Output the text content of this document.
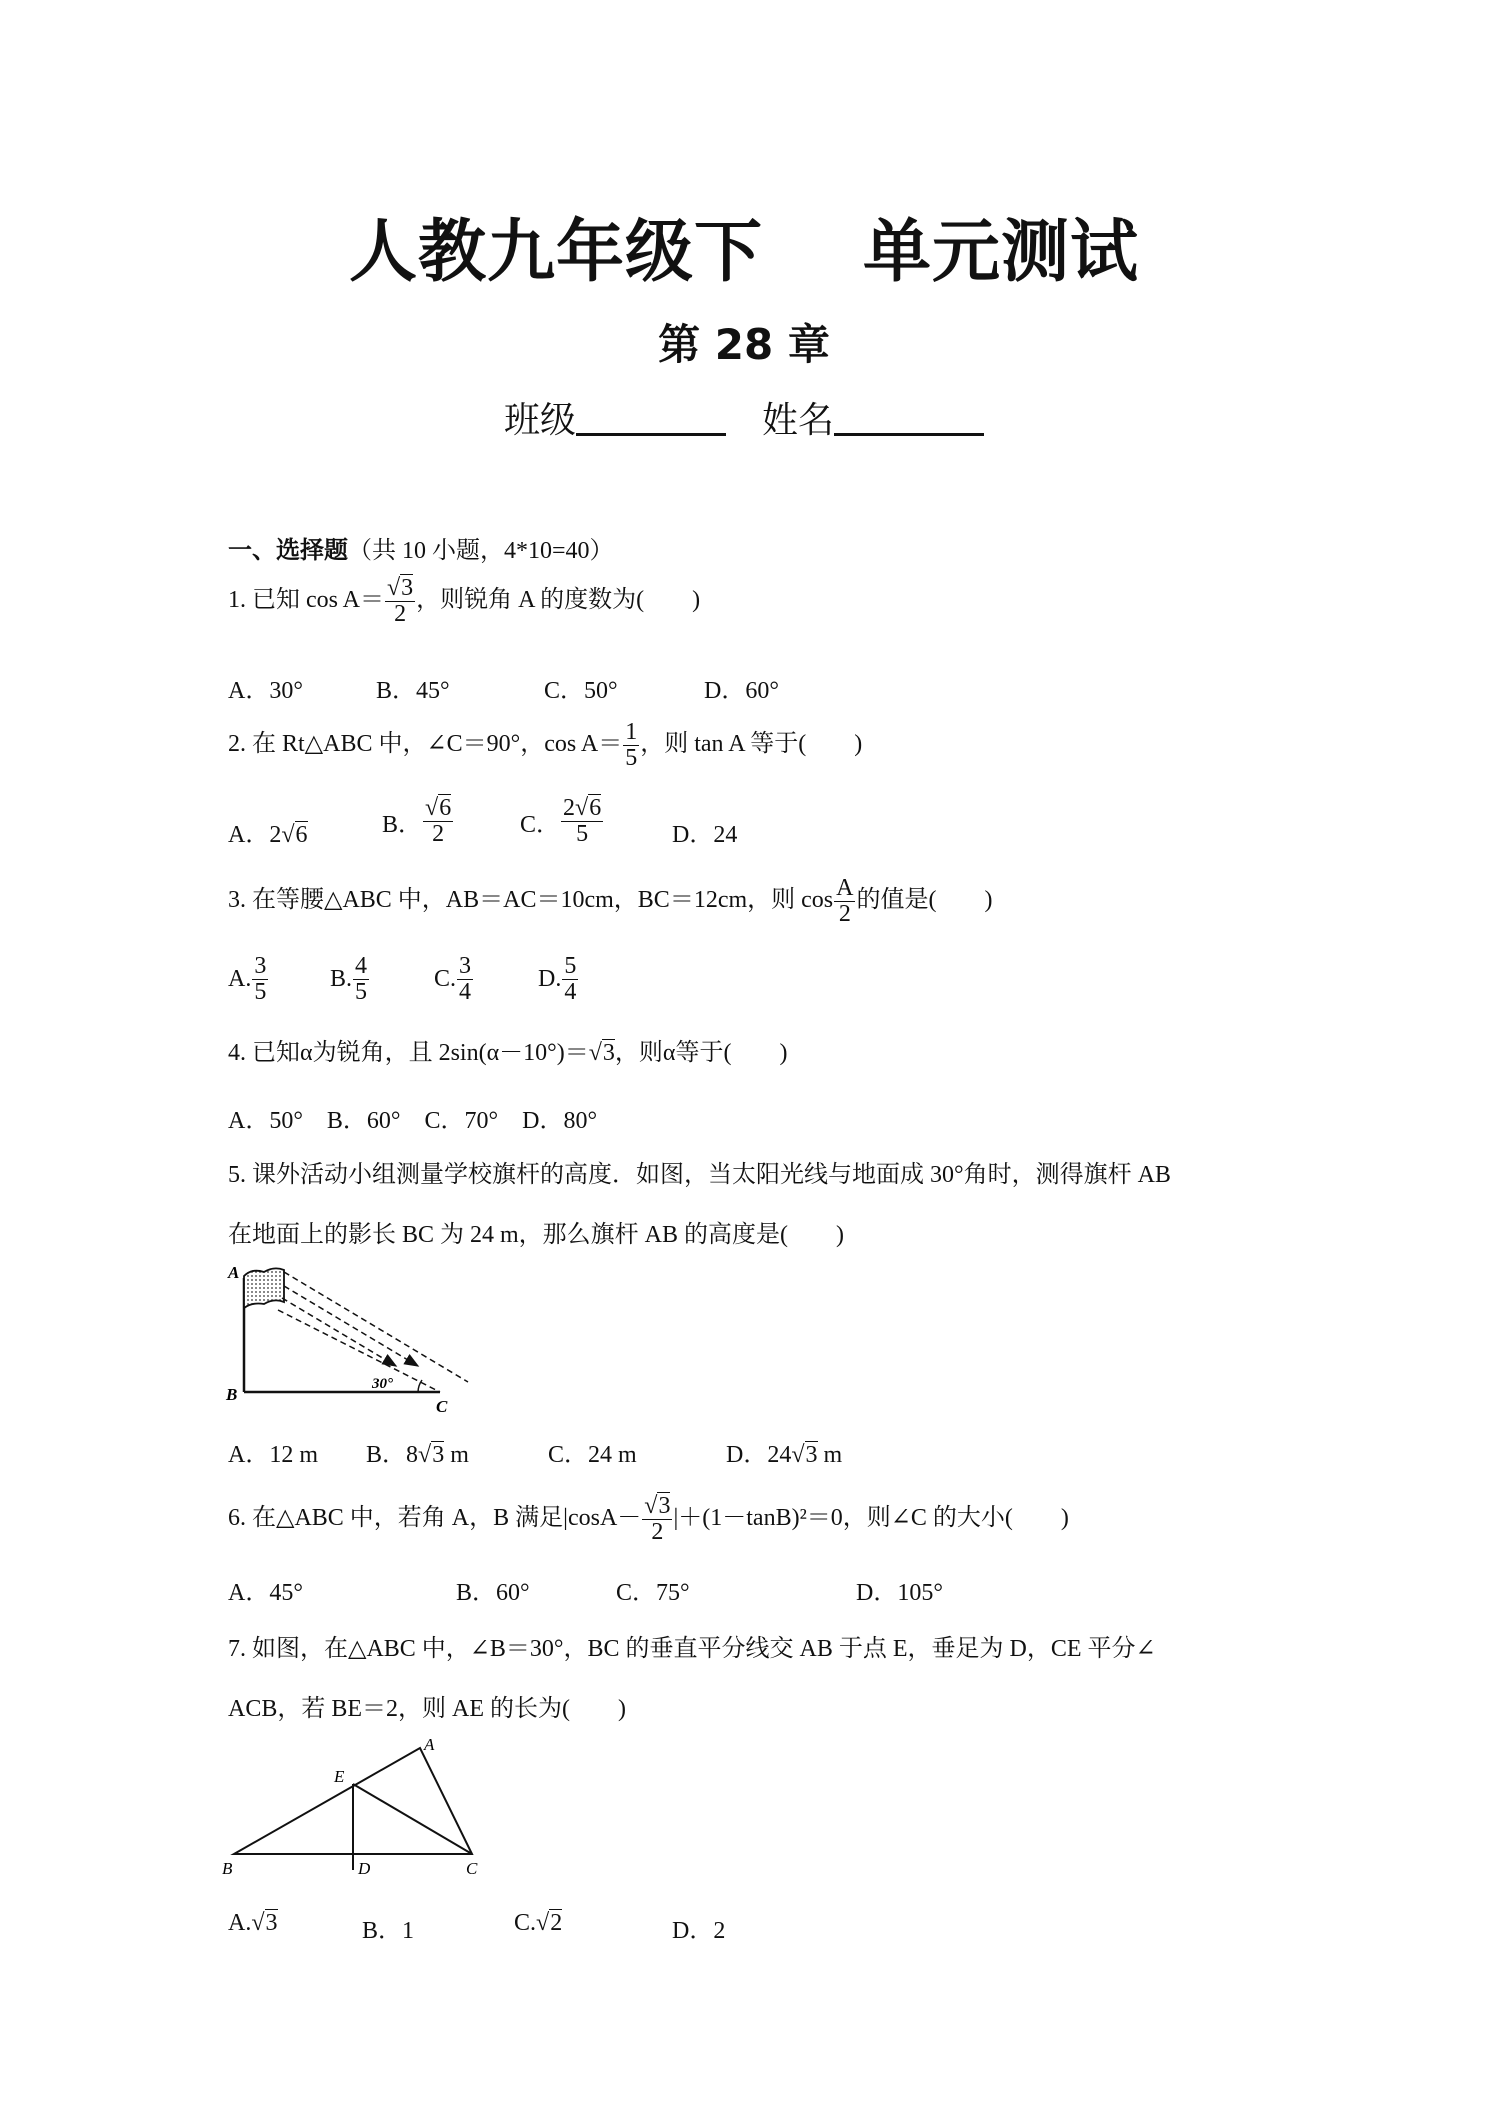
人教九年级下 单元测试
第 28 章
班级	姓名
一、选择题（共 10 小题，4*10=40）
1. 已知 $\cos A= \frac{√3}{2}$ ，则锐角 A 的度数为(　　)
A．30°	B．45°	C．50°	D．60°
2. 在 Rt△ABC 中，∠C＝90°，$\cos A= \frac{1}{5}$ ，则 tan A 等于(　　)
A．2√6	B． $\frac{√6}{2}$	C． $\frac{2√6}{5}$	D．24
3. 在等腰△ABC 中，AB＝AC＝10cm，BC＝12cm，则 $\cos \frac{A}{2}$ 的值是(　　)
A. $\frac{3}{5}$	B. $\frac{4}{5}$	C. $\frac{3}{4}$	D. $\frac{5}{4}$
4. 已知α为锐角，且 2sin(α－10°)＝√3，则α等于(　　)
A．50°　B．60°　C．70°　D．80°
5. 课外活动小组测量学校旗杆的高度．如图，当太阳光线与地面成 30°角时，测得旗杆 AB
在地面上的影长 BC 为 24 m，那么旗杆 AB 的高度是(　　)
A
B
C
30°
A．12 m B．8√3 m	C．24 m	D．24√3 m
6. 在△ABC 中，若角 A，B 满足$|\cos A- \frac{√3}{2} |+(1-\tan B)^2=0$，则∠C 的大小(　　)
A．45°	B．60°	C．75°	D．105°
7. 如图，在△ABC 中，∠B＝30°，BC 的垂直平分线交 AB 于点 E，垂足为 D，CE 平分∠
ACB，若 BE＝2，则 AE 的长为(　　)
B	D	C
A
E
A.√3	B．1	C.√2	D．2
